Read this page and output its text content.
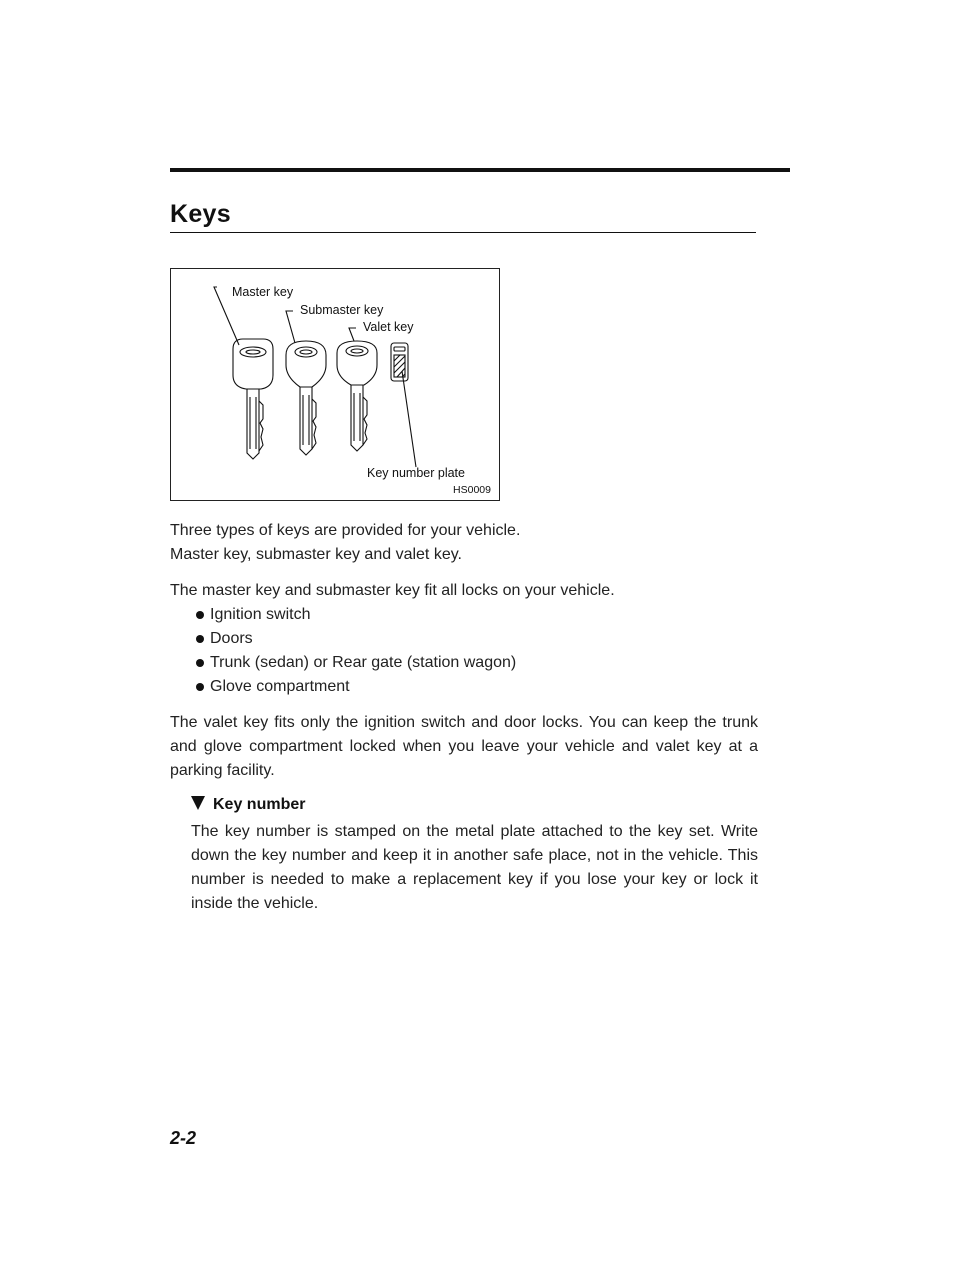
Keys
Master key
Submaster key
Valet key
Key number plate
HS0009

Three types of keys are provided for your vehicle.

Master key, submaster key and valet key.

The master key and submaster key fit all locks on your vehicle.

Ignition switch
Doors
Trunk (sedan) or Rear gate (station wagon)
Glove compartment

The valet key fits only the ignition switch and door locks. You can keep the trunk and glove compartment locked when you leave your vehicle and valet key at a parking facility.

Key number

The key number is stamped on the metal plate attached to the key set. Write down the key number and keep it in another safe place, not in the vehicle. This number is needed to make a replacement key if you lose your key or lock it inside the vehicle.

2-2
